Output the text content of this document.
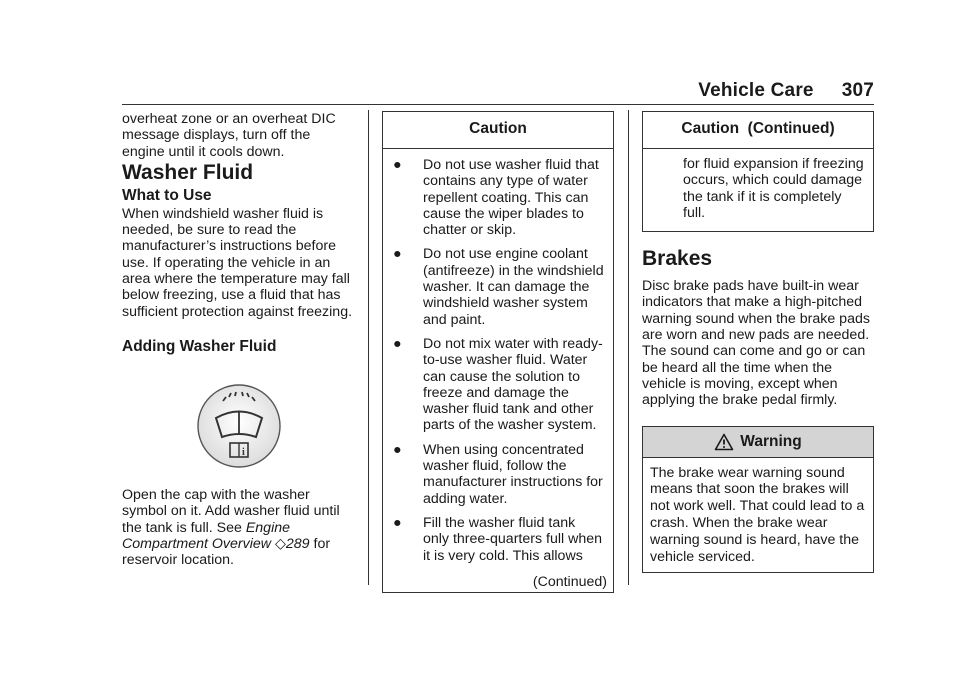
Vehicle Care 307

overheat zone or an overheat DIC message displays, turn off the engine until it cools down.

Washer Fluid
What to Use

When windshield washer fluid is needed, be sure to read the manufacturer’s instructions before use. If operating the vehicle in an area where the temperature may fall below freezing, use a fluid that has sufficient protection against freezing.

Adding Washer Fluid
i

Open the cap with the washer symbol on it. Add washer fluid until the tank is full. See Engine Compartment Overview ◇289 for reservoir location.

Caution
●	Do not use washer fluid that contains any type of water repellent coating. This can cause the wiper blades to chatter or skip.
●	Do not use engine coolant (antifreeze) in the windshield washer. It can damage the windshield washer system and paint.
●	Do not mix water with ready-to-use washer fluid. Water can cause the solution to freeze and damage the washer fluid tank and other parts of the washer system.
●	When using concentrated washer fluid, follow the manufacturer instructions for adding water.
●	Fill the washer fluid tank only three-quarters full when it is very cold. This allows
(Continued)
Caution  (Continued)
for fluid expansion if freezing occurs, which could damage the tank if it is completely full.
Brakes

Disc brake pads have built-in wear indicators that make a high-pitched warning sound when the brake pads are worn and new pads are needed. The sound can come and go or can be heard all the time when the vehicle is moving, except when applying the brake pedal firmly.

Warning
The brake wear warning sound means that soon the brakes will not work well. That could lead to a crash. When the brake wear warning sound is heard, have the vehicle serviced.
